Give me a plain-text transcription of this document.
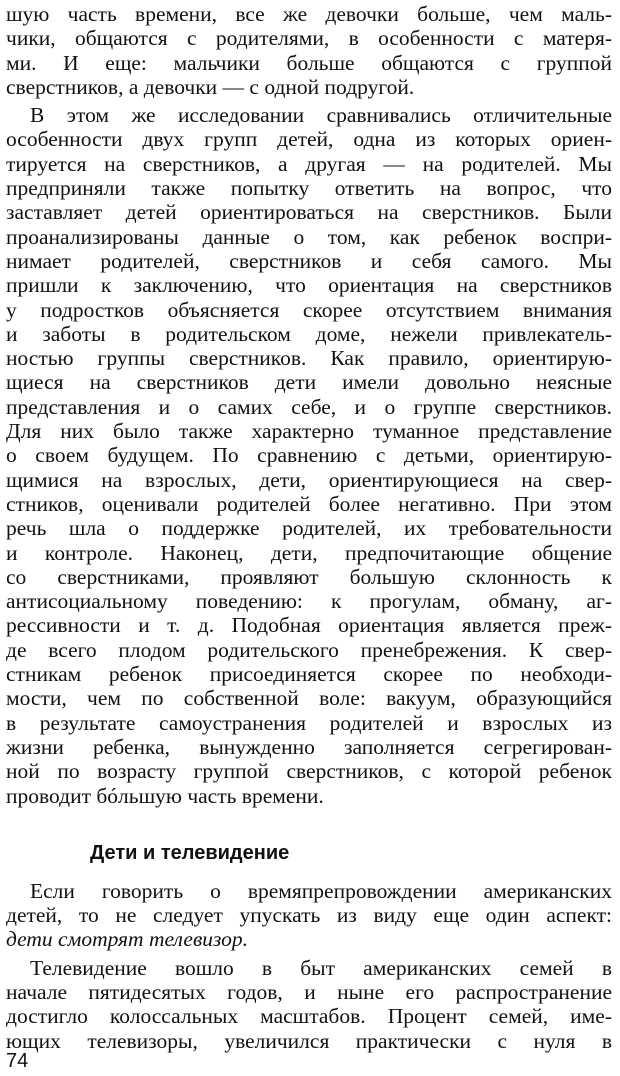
шую часть времени, все же девочки больше, чем маль-
чики, общаются с родителями, в особенности с матеря-
ми. И еще: мальчики больше общаются с группой
сверстников, а девочки — с одной подругой.
В этом же исследовании сравнивались отличительные
особенности двух групп детей, одна из которых ориен-
тируется на сверстников, а другая — на родителей. Мы
предприняли также попытку ответить на вопрос, что
заставляет детей ориентироваться на сверстников. Были
проанализированы данные о том, как ребенок воспри-
нимает родителей, сверстников и себя самого. Мы
пришли к заключению, что ориентация на сверстников
у подростков объясняется скорее отсутствием внимания
и заботы в родительском доме, нежели привлекатель-
ностью группы сверстников. Как правило, ориентирую-
щиеся на сверстников дети имели довольно неясные
представления и о самих себе, и о группе сверстников.
Для них было также характерно туманное представление
о своем будущем. По сравнению с детьми, ориентирую-
щимися на взрослых, дети, ориентирующиеся на свер-
стников, оценивали родителей более негативно. При этом
речь шла о поддержке родителей, их требовательности
и контроле. Наконец, дети, предпочитающие общение
со сверстниками, проявляют большую склонность к
антисоциальному поведению: к прогулам, обману, аг-
рессивности и т. д. Подобная ориентация является преж-
де всего плодом родительского пренебрежения. К свер-
стникам ребенок присоединяется скорее по необходи-
мости, чем по собственной воле: вакуум, образующийся
в результате самоустранения родителей и взрослых из
жизни ребенка, вынужденно заполняется сегрегирован-
ной по возрасту группой сверстников, с которой ребенок
проводит бóльшую часть времени.
Дети и телевидение
Если говорить о времяпрепровождении американских
детей, то не следует упускать из виду еще один аспект:
дети смотрят телевизор.
Телевидение вошло в быт американских семей в
начале пятидесятых годов, и ныне его распространение
достигло колоссальных масштабов. Процент семей, име-
ющих телевизоры, увеличился практически с нуля в
74
